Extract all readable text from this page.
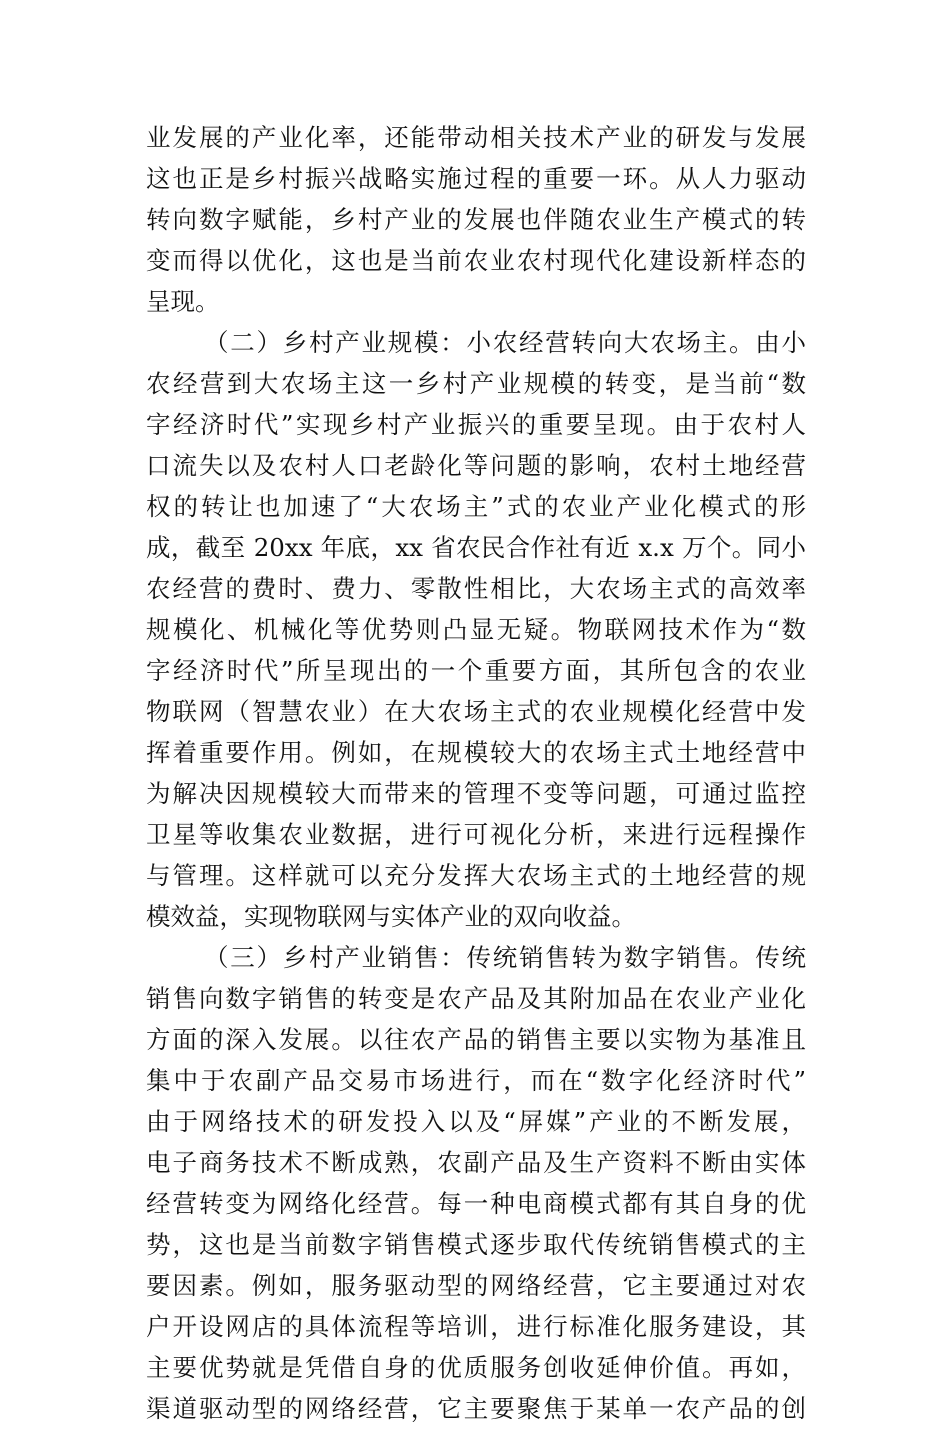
业发展的产业化率，还能带动相关技术产业的研发与发展
这也正是乡村振兴战略实施过程的重要一环。从人力驱动
转向数字赋能，乡村产业的发展也伴随农业生产模式的转
变而得以优化，这也是当前农业农村现代化建设新样态的
呈现。
（二）乡村产业规模：小农经营转向大农场主。由小
农经营到大农场主这一乡村产业规模的转变，是当前“数
字经济时代”实现乡村产业振兴的重要呈现。由于农村人
口流失以及农村人口老龄化等问题的影响，农村土地经营
权的转让也加速了“大农场主”式的农业产业化模式的形
成，截至 20xx 年底，xx 省农民合作社有近 x.x 万个。同小
农经营的费时、费力、零散性相比，大农场主式的高效率
规模化、机械化等优势则凸显无疑。物联网技术作为“数
字经济时代”所呈现出的一个重要方面，其所包含的农业
物联网（智慧农业）在大农场主式的农业规模化经营中发
挥着重要作用。例如，在规模较大的农场主式土地经营中
为解决因规模较大而带来的管理不变等问题，可通过监控
卫星等收集农业数据，进行可视化分析，来进行远程操作
与管理。这样就可以充分发挥大农场主式的土地经营的规
模效益，实现物联网与实体产业的双向收益。
（三）乡村产业销售：传统销售转为数字销售。传统
销售向数字销售的转变是农产品及其附加品在农业产业化
方面的深入发展。以往农产品的销售主要以实物为基准且
集中于农副产品交易市场进行，而在“数字化经济时代”
由于网络技术的研发投入以及“屏媒”产业的不断发展，
电子商务技术不断成熟，农副产品及生产资料不断由实体
经营转变为网络化经营。每一种电商模式都有其自身的优
势，这也是当前数字销售模式逐步取代传统销售模式的主
要因素。例如，服务驱动型的网络经营，它主要通过对农
户开设网店的具体流程等培训，进行标准化服务建设，其
主要优势就是凭借自身的优质服务创收延伸价值。再如，
渠道驱动型的网络经营，它主要聚焦于某单一农产品的创
